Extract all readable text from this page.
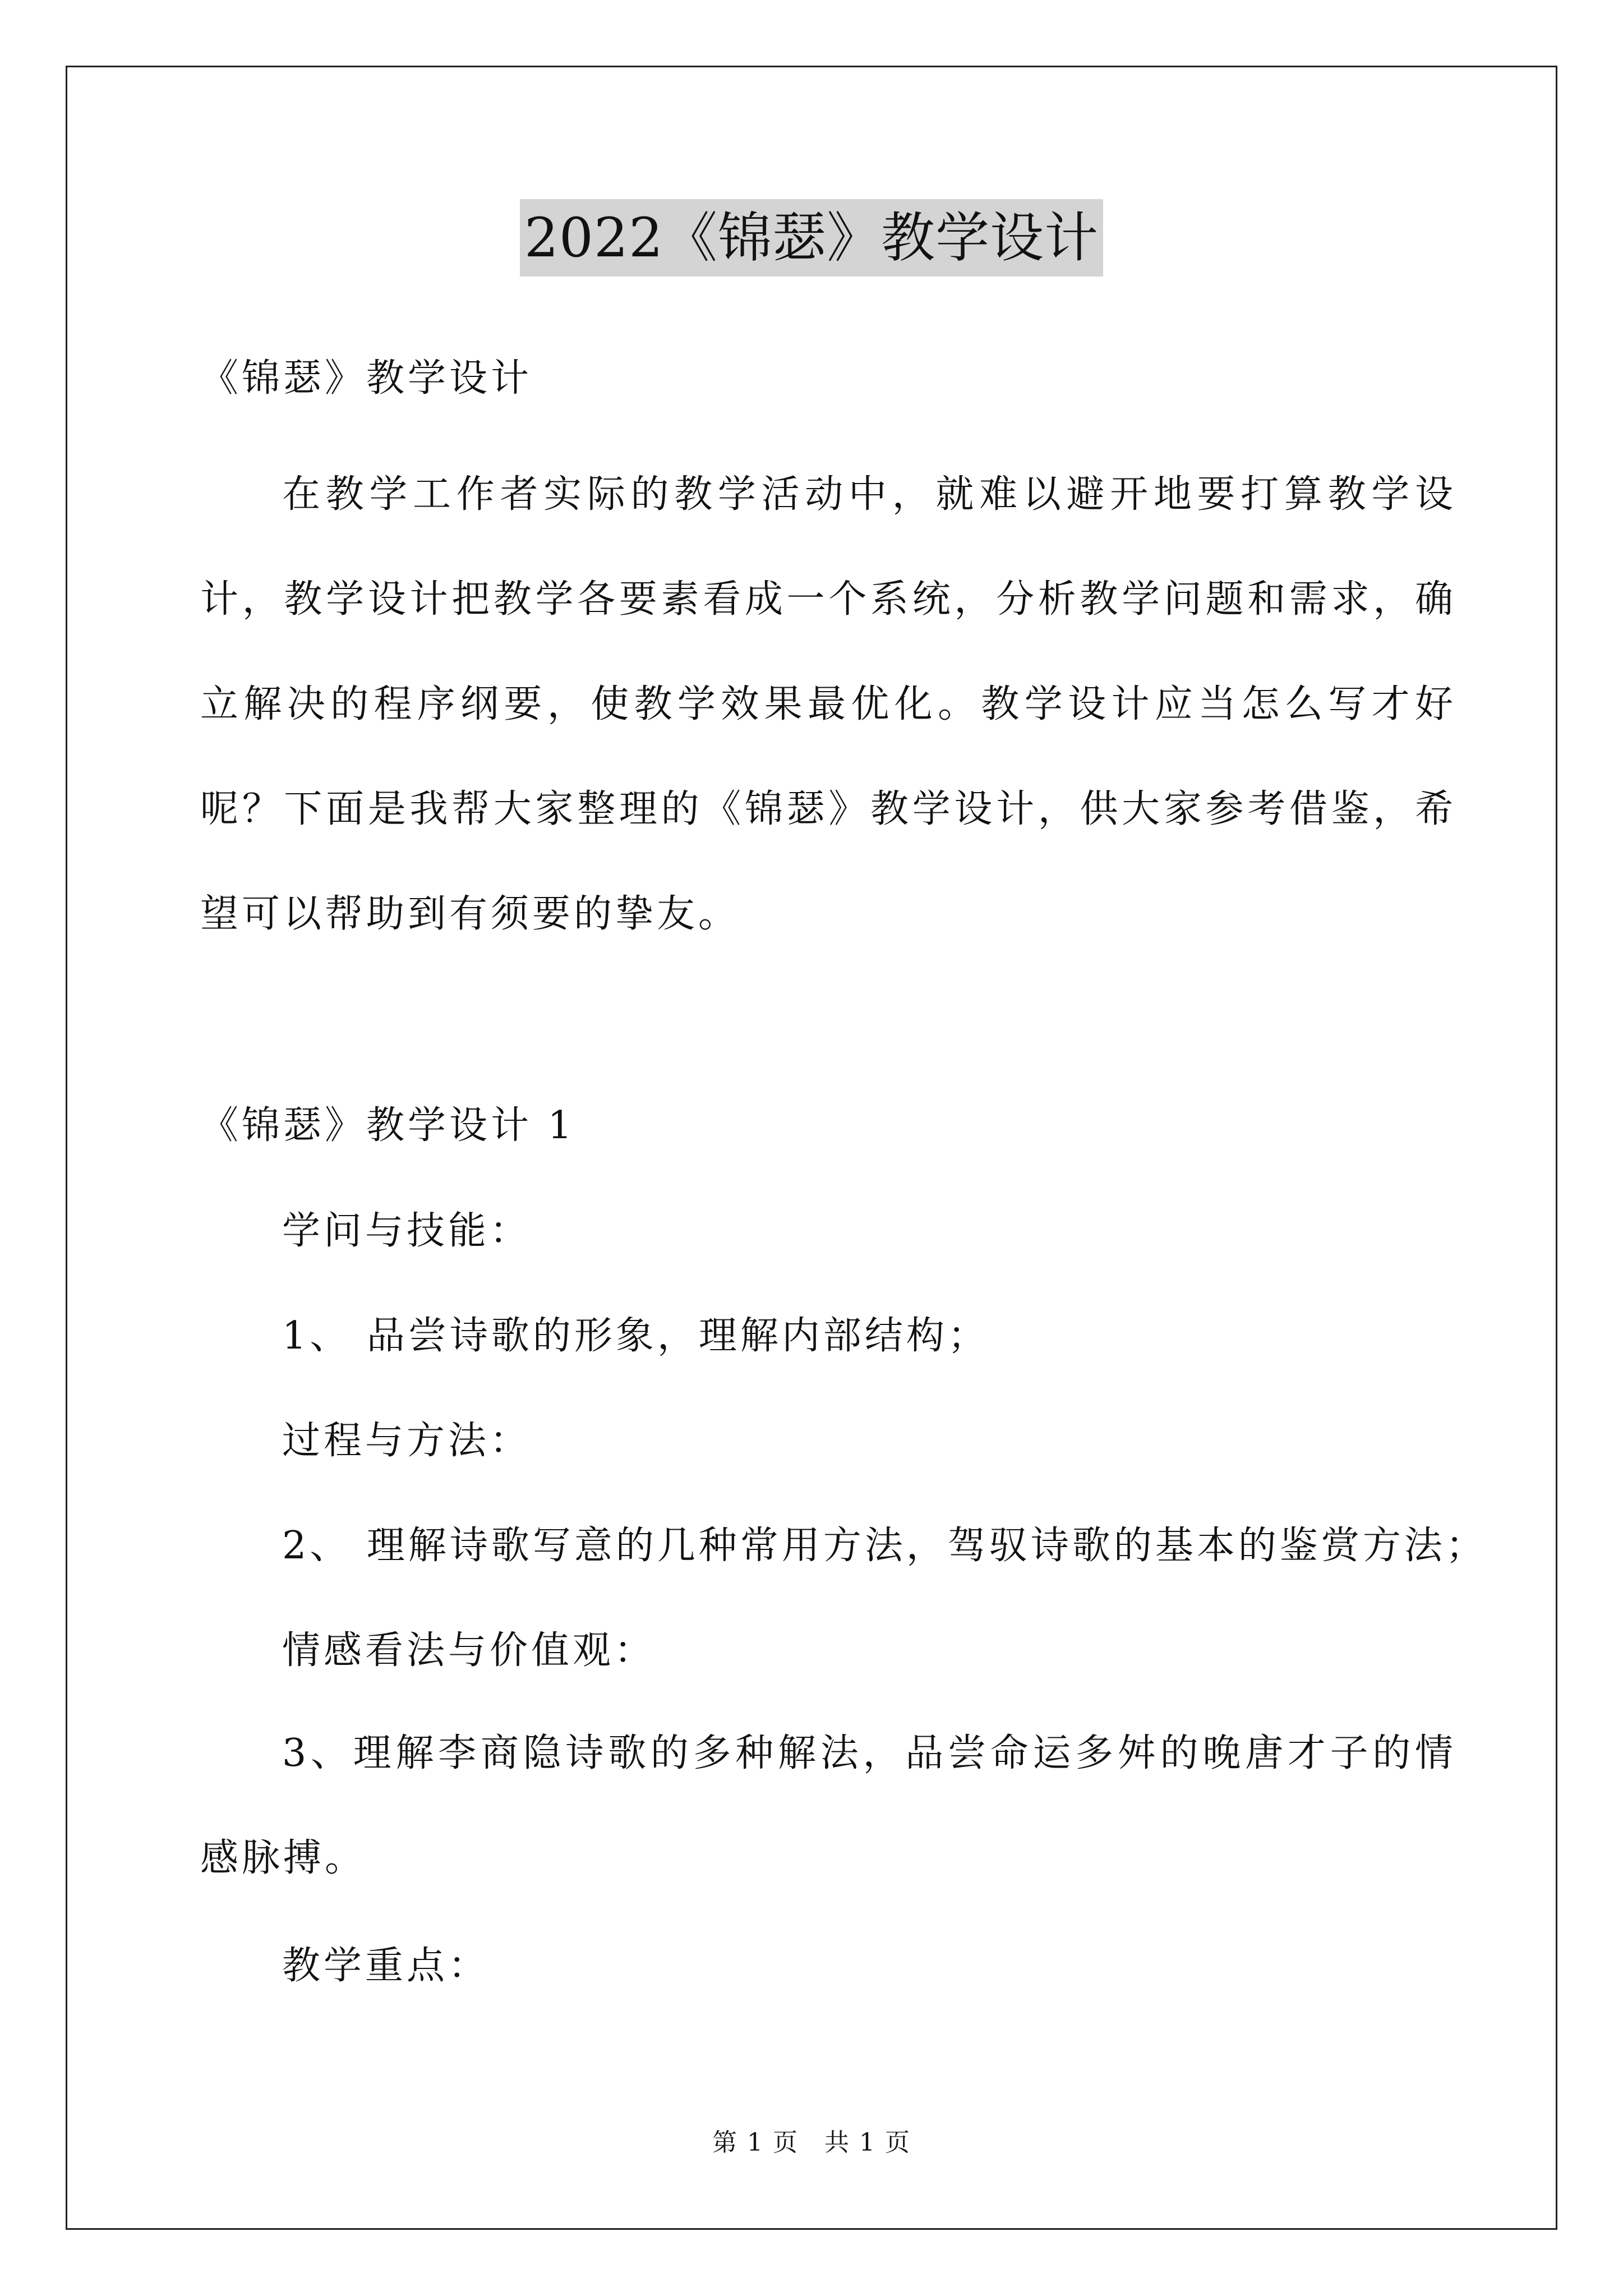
2022《锦瑟》教学设计
《锦瑟》教学设计
在教学工作者实际的教学活动中，就难以避开地要打算教学设计，教学设计把教学各要素看成一个系统，分析教学问题和需求，确立解决的程序纲要，使教学效果最优化。教学设计应当怎么写才好呢？下面是我帮大家整理的《锦瑟》教学设计，供大家参考借鉴，希望可以帮助到有须要的挚友。
《锦瑟》教学设计 1
学问与技能：
1、 品尝诗歌的形象，理解内部结构；
过程与方法：
2、 理解诗歌写意的几种常用方法，驾驭诗歌的基本的鉴赏方法；
情感看法与价值观：
3、理解李商隐诗歌的多种解法，品尝命运多舛的晚唐才子的情感脉搏。
教学重点：
第 1 页　共 1 页
